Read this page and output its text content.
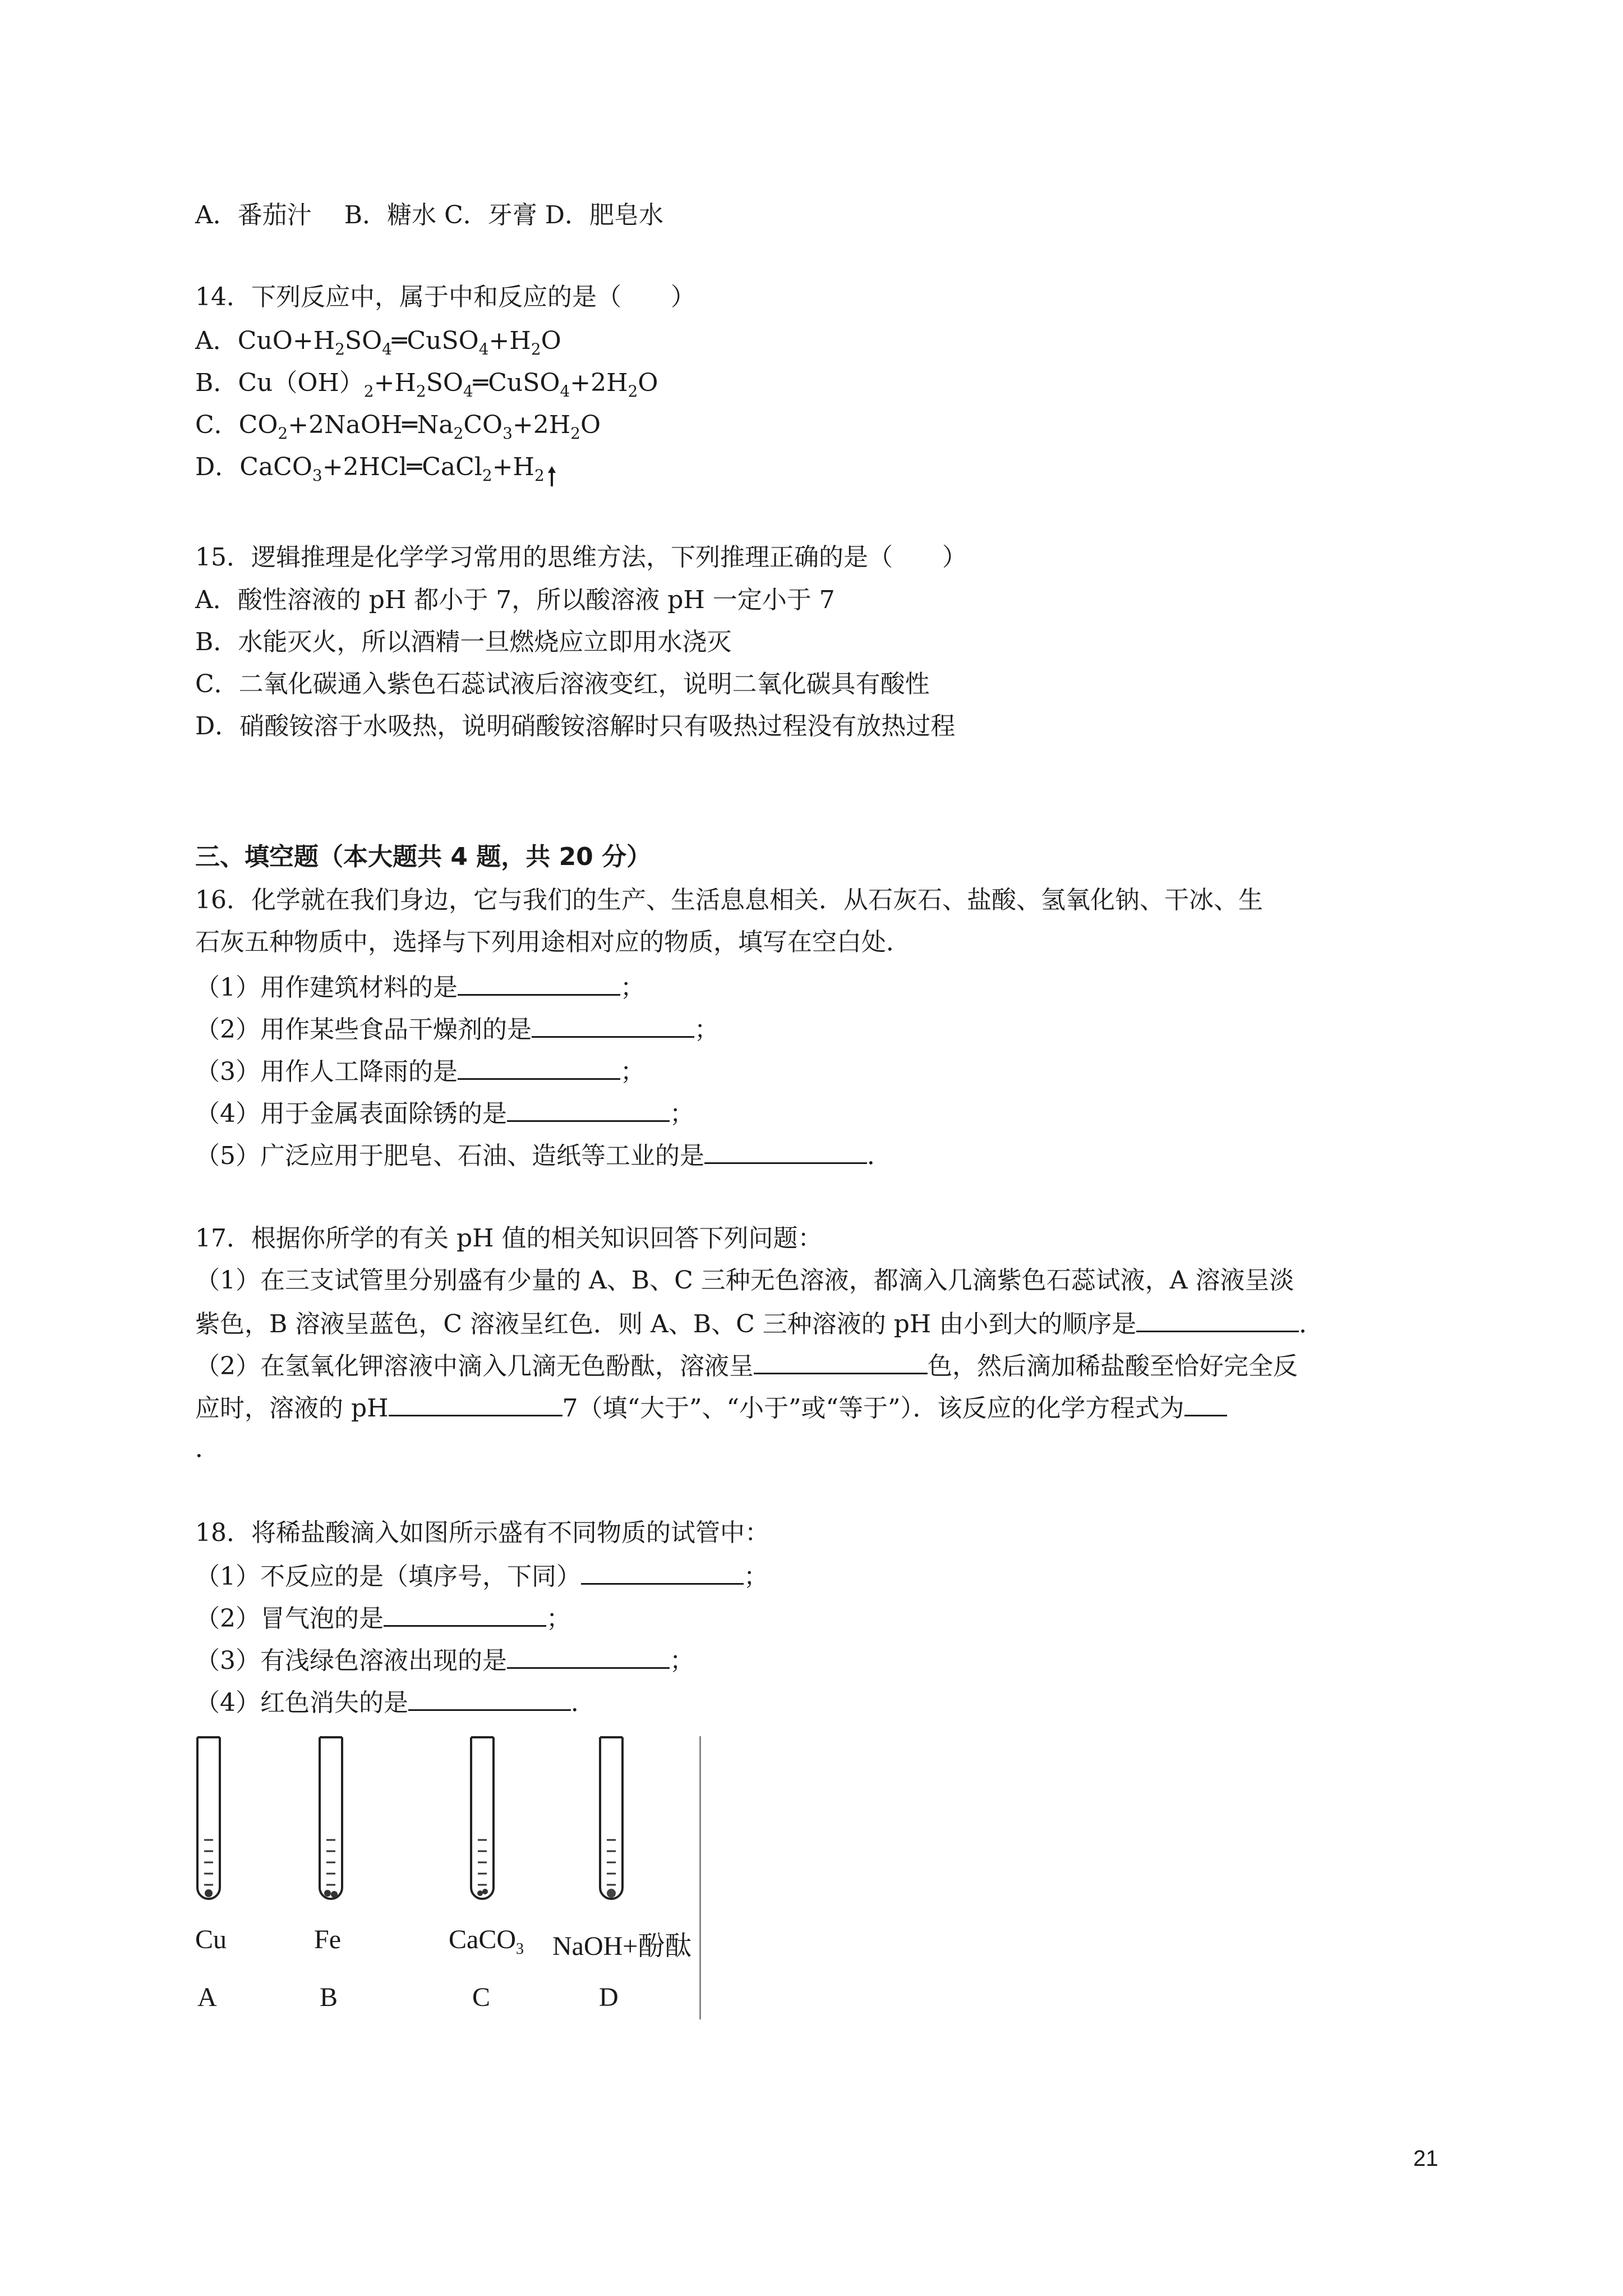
A．番茄汁　 B．糖水 C．牙膏 D．肥皂水
14．下列反应中，属于中和反应的是（　　）
A．$CuO+H_2SO_4═CuSO_4+H_2O$
B．$Cu(OH)_2+H_2SO_4═CuSO_4+2H_2O$
C．$CO_2+2NaOH═Na_2CO_3+2H_2O$
D．$CaCO_3+2HCl═CaCl_2+H_2$
15．逻辑推理是化学学习常用的思维方法，下列推理正确的是（　　）
A．酸性溶液的 pH 都小于 7，所以酸溶液 pH 一定小于 7
B．水能灭火，所以酒精一旦燃烧应立即用水浇灭
C．二氧化碳通入紫色石蕊试液后溶液变红，说明二氧化碳具有酸性
D．硝酸铵溶于水吸热，说明硝酸铵溶解时只有吸热过程没有放热过程
三、填空题（本大题共 4 题，共 20 分）
16．化学就在我们身边，它与我们的生产、生活息息相关．从石灰石、盐酸、氢氧化钠、干冰、生
石灰五种物质中，选择与下列用途相对应的物质，填写在空白处．
（1）用作建筑材料的是	；
（2）用作某些食品干燥剂的是	；
（3）用作人工降雨的是	；
（4）用于金属表面除锈的是	；
（5）广泛应用于肥皂、石油、造纸等工业的是	．
17．根据你所学的有关 pH 值的相关知识回答下列问题：
（1）在三支试管里分别盛有少量的 A、B、C 三种无色溶液，都滴入几滴紫色石蕊试液，A 溶液呈淡
紫色，B 溶液呈蓝色，C 溶液呈红色．则 A、B、C 三种溶液的 pH 由小到大的顺序是	．
（2）在氢氧化钾溶液中滴入几滴无色酚酞，溶液呈	色，然后滴加稀盐酸至恰好完全反
应时，溶液的 pH	7（填“大于”、“小于”或“等于”）．该反应的化学方程式为
．
18．将稀盐酸滴入如图所示盛有不同物质的试管中：
（1）不反应的是（填序号，下同）	；
（2）冒气泡的是	；
（3）有浅绿色溶液出现的是	；
（4）红色消失的是	．
Cu	Fe	CaCO$_3$ NaOH+酚酞
A	B	C	D
21
